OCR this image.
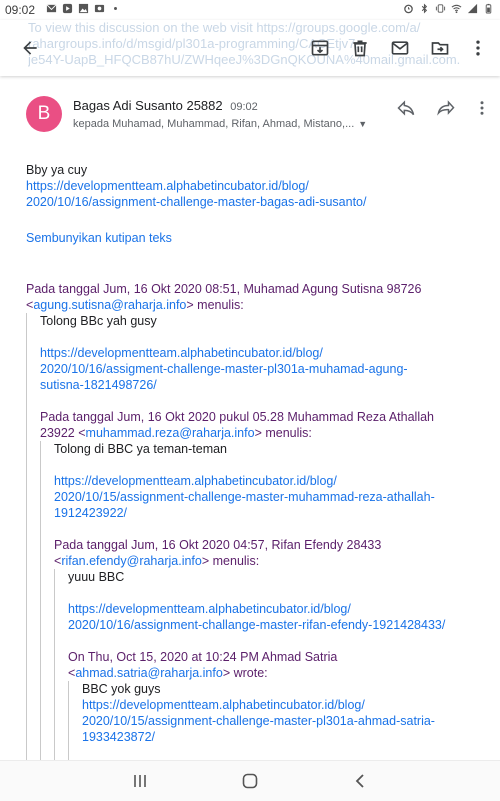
09:02
To view this discussion on the web visit https://groups.google.com/a/
rahargroups.info/d/msgid/pl301a-programming/CACEtjv7...
je54Y-UapB_HFQCB87hU/ZWHqeeJ%3DGnQKOUNA%40mail.gmail.com.
B Bagas Adi Susanto 25882 09:02
kepada Muhamad, Muhammad, Rifan, Ahmad, Mistano,... ▼

Bby ya cuy

https://developmentteam.alphabetincubator.id/blog/
2020/10/16/assignment-challenge-master-bagas-adi-susanto/

Sembunyikan kutipan teks

Pada tanggal Jum, 16 Okt 2020 08:51, Muhamad Agung Sutisna 98726
<agung.sutisna@raharja.info> menulis:

Tolong BBc yah gusy

https://developmentteam.alphabetincubator.id/blog/
2020/10/16/assigment-challenge-master-pl301a-muhamad-agung-
sutisna-1821498726/

Pada tanggal Jum, 16 Okt 2020 pukul 05.28 Muhammad Reza Athallah
23922 <muhammad.reza@raharja.info> menulis:

Tolong di BBC ya teman-teman

https://developmentteam.alphabetincubator.id/blog/
2020/10/15/assignment-challenge-master-muhammad-reza-athallah-
1912423922/

Pada tanggal Jum, 16 Okt 2020 04:57, Rifan Efendy 28433
<rifan.efendy@raharja.info> menulis:

yuuu BBC

https://developmentteam.alphabetincubator.id/blog/
2020/10/16/assignment-challange-master-rifan-efendy-1921428433/

On Thu, Oct 15, 2020 at 10:24 PM Ahmad Satria
<ahmad.satria@raharja.info> wrote:

BBC yok guys

https://developmentteam.alphabetincubator.id/blog/
2020/10/15/assignment-challenge-master-pl301a-ahmad-satria-
1933423872/
